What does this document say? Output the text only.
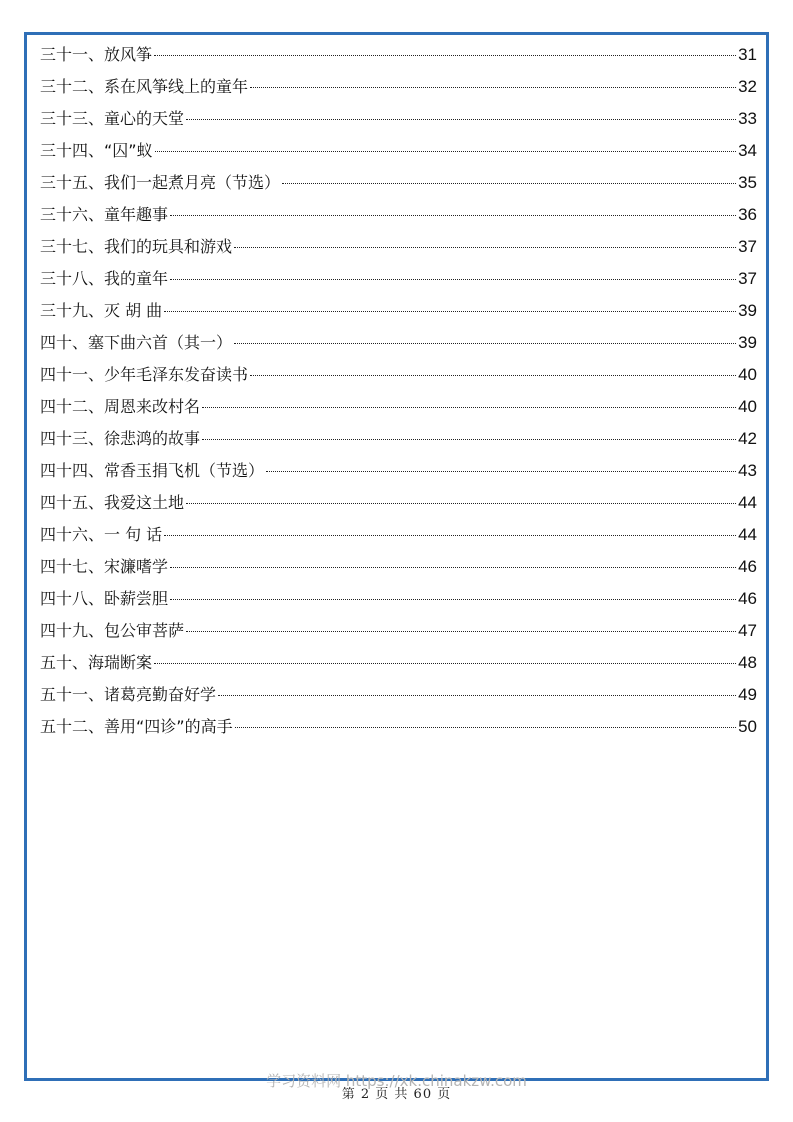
三十一、放风筝	31
三十二、系在风筝线上的童年	32
三十三、童心的天堂	33
三十四、“囚”蚁	34
三十五、我们一起煮月亮（节选）	35
三十六、童年趣事	36
三十七、我们的玩具和游戏	37
三十八、我的童年	37
三十九、灭 胡 曲	39
四十、塞下曲六首（其一）	39
四十一、少年毛泽东发奋读书	40
四十二、周恩来改村名	40
四十三、徐悲鸿的故事	42
四十四、常香玉捐飞机（节选）	43
四十五、我爱这土地	44
四十六、一 句 话	44
四十七、宋濂嗜学	46
四十八、卧薪尝胆	46
四十九、包公审菩萨	47
五十、海瑞断案	48
五十一、诸葛亮勤奋好学	49
五十二、善用“四诊”的高手	50
学习资料网 https://xk.chinakzw.com
第 2 页 共 60 页
